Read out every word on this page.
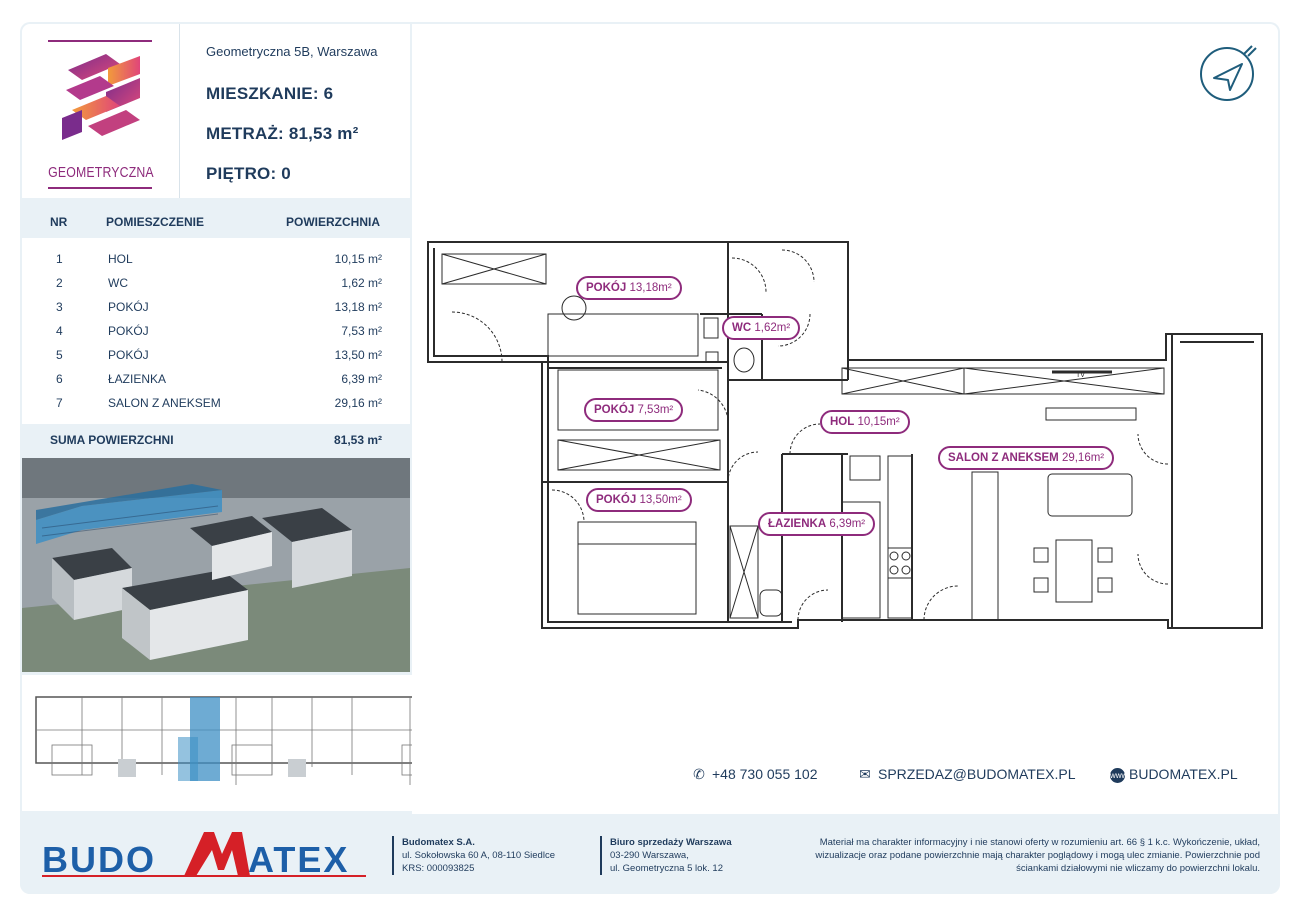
GEOMETRYCZNA
Geometryczna 5B, Warszawa
MIESZKANIE: 6
METRAŻ: 81,53 m²
PIĘTRO: 0
NR	POMIESZCZENIE	POWIERZCHNIA
1	HOL	10,15 m²
2	WC	1,62 m²
3	POKÓJ	13,18 m²
4	POKÓJ	7,53 m²
5	POKÓJ	13,50 m²
6	ŁAZIENKA	6,39 m²
7	SALON Z ANEKSEM	29,16 m²
SUMA POWIERZCHNI	81,53 m²
TV
POKÓJ 13,18m²
WC 1,62m²
POKÓJ 7,53m²
HOL 10,15m²
SALON Z ANEKSEM 29,16m²
POKÓJ 13,50m²
ŁAZIENKA 6,39m²
✆ +48 730 055 102	✉ SPRZEDAZ@BUDOMATEX.PL	www BUDOMATEX.PL
BUDO	ATEX	Budomatex S.A.
ul. Sokołowska 60 A, 08-110 Siedlce
KRS: 000093825
Biuro sprzedaży Warszawa
03-290 Warszawa,
ul. Geometryczna 5 lok. 12
Materiał ma charakter informacyjny i nie stanowi oferty w rozumieniu art. 66 § 1 k.c. Wykończenie, układ,
wizualizacje oraz podane powierzchnie mają charakter poglądowy i mogą ulec zmianie. Powierzchnie pod
ściankami działowymi nie wliczamy do powierzchni lokalu.
